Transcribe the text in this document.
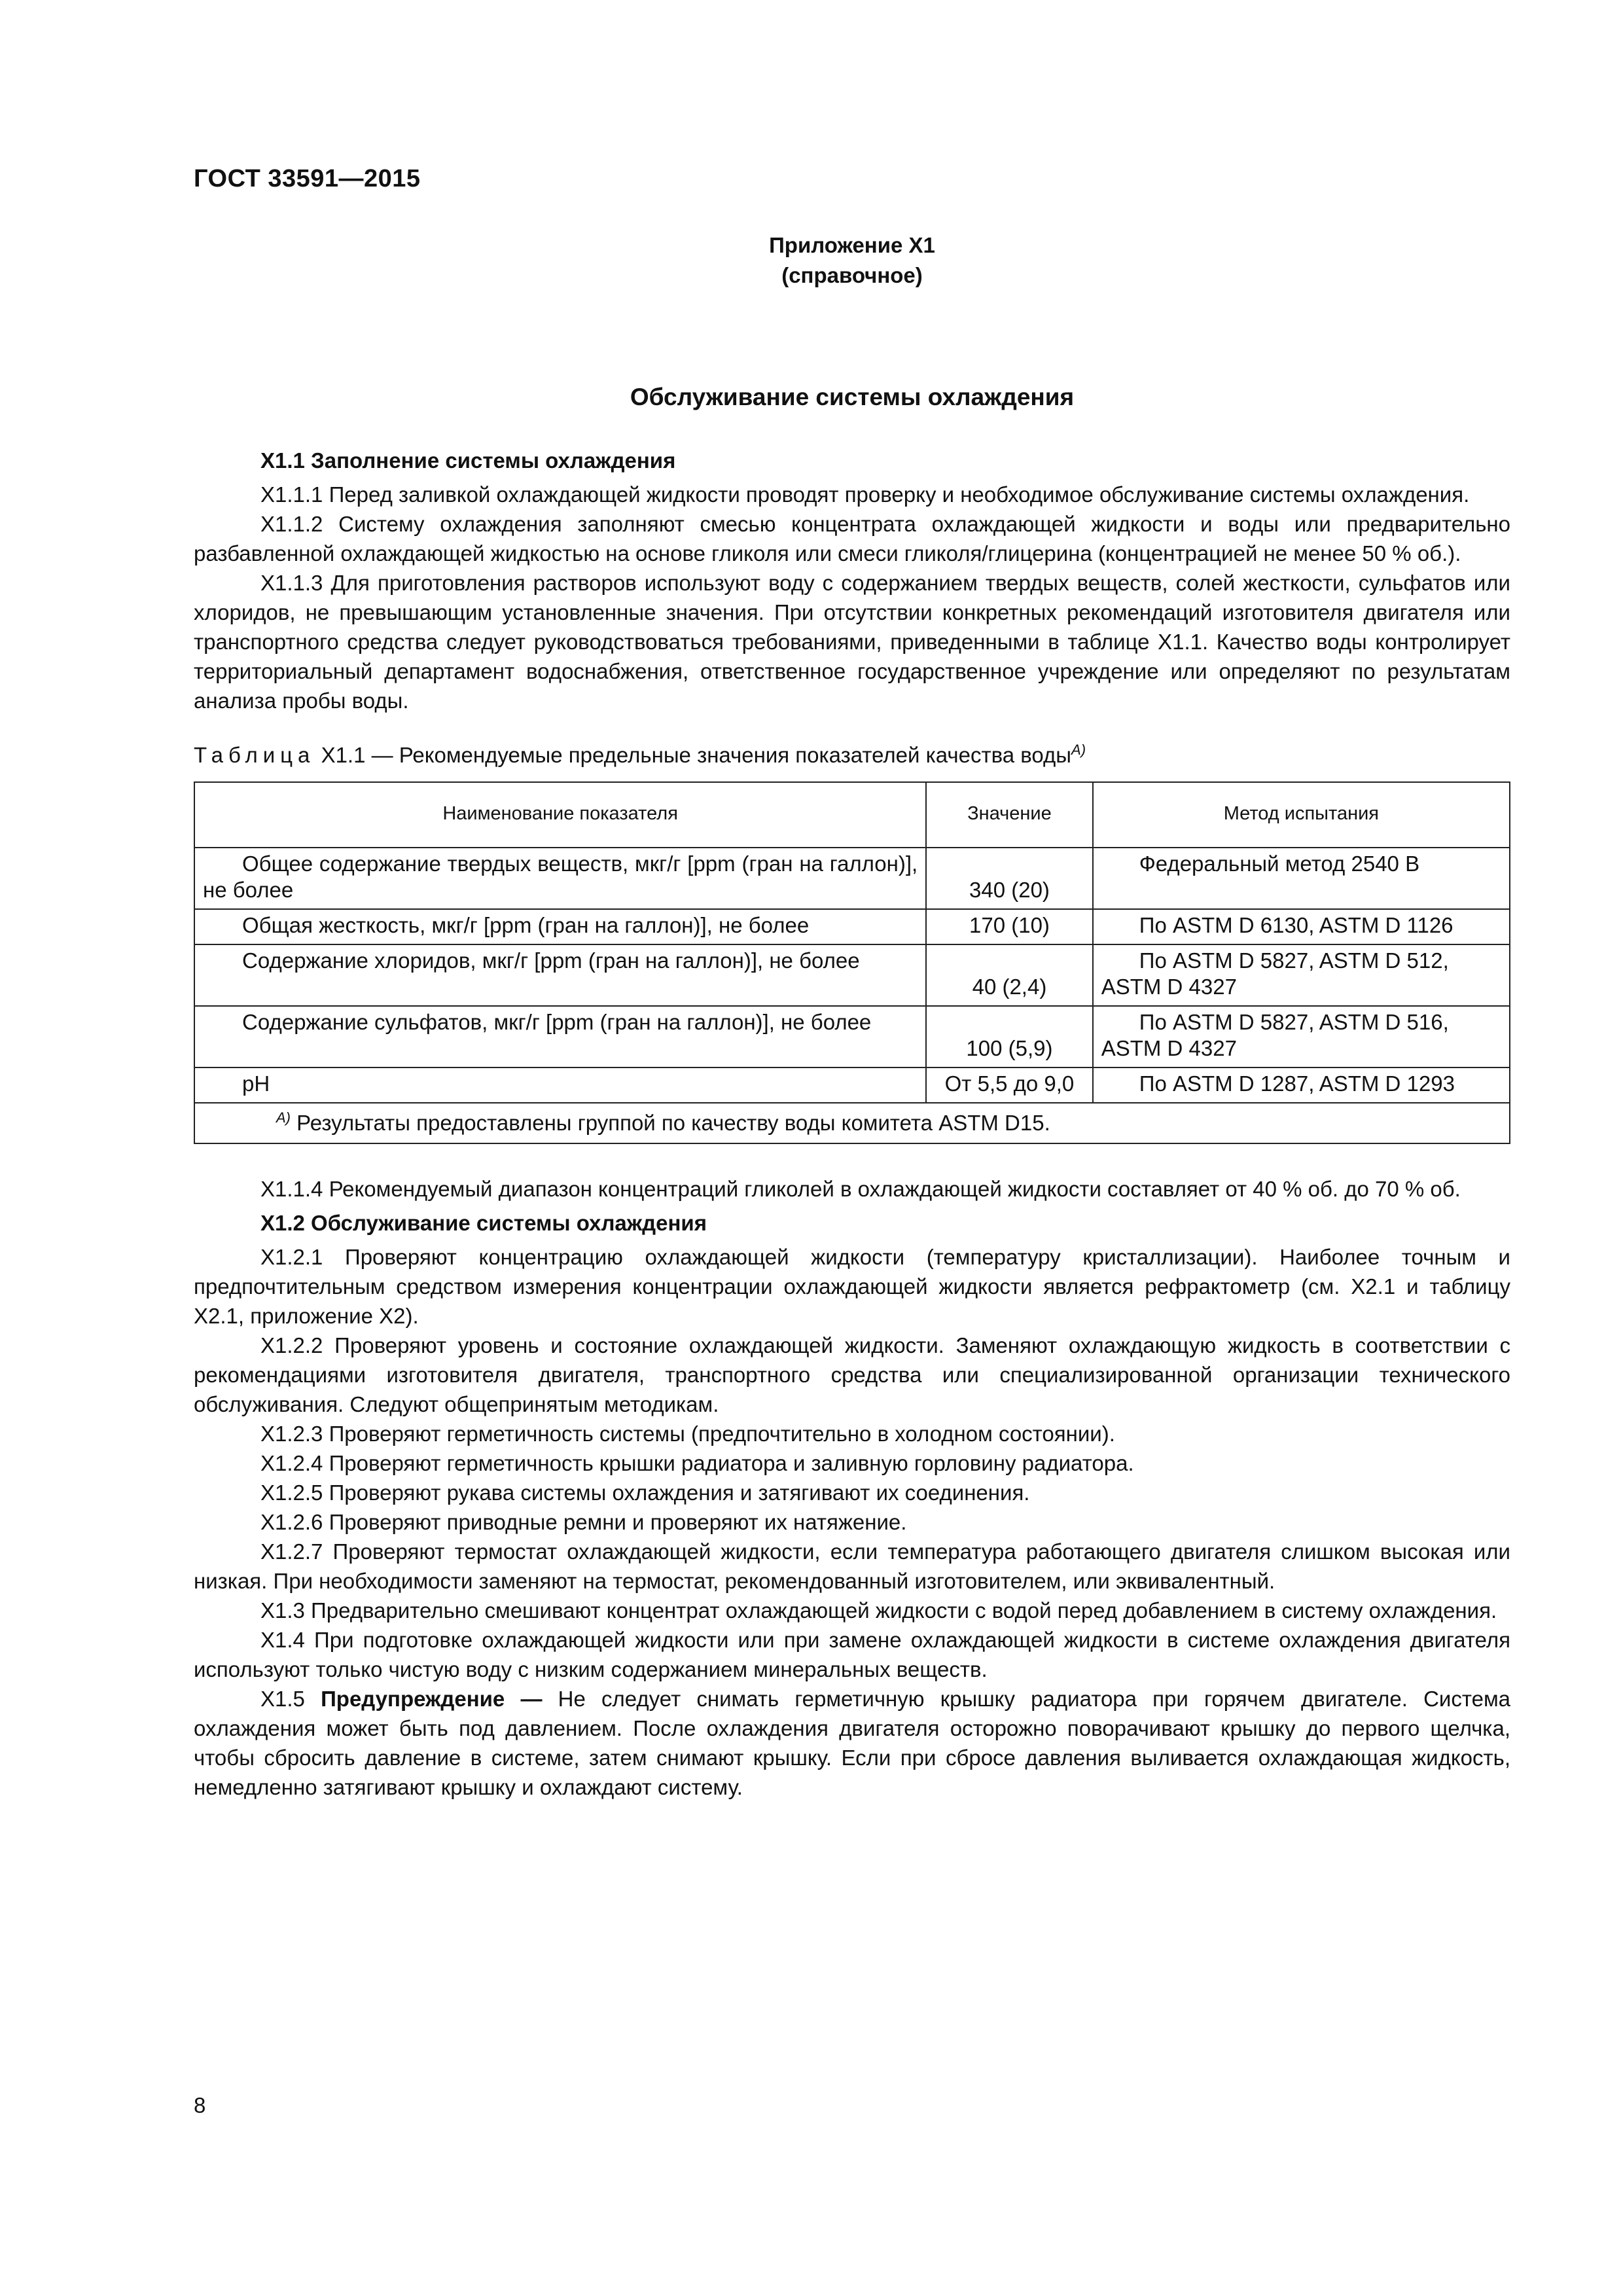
ГОСТ 33591—2015
Приложение Х1
(справочное)
Обслуживание системы охлаждения
Х1.1 Заполнение системы охлаждения

Х1.1.1 Перед заливкой охлаждающей жидкости проводят проверку и необходимое обслуживание системы охлаждения.

Х1.1.2 Систему охлаждения заполняют смесью концентрата охлаждающей жидкости и воды или предварительно разбавленной охлаждающей жидкостью на основе гликоля или смеси гликоля/глицерина (концентрацией не менее 50 % об.).

Х1.1.3 Для приготовления растворов используют воду с содержанием твердых веществ, солей жесткости, сульфатов или хлоридов, не превышающим установленные значения. При отсутствии конкретных рекомендаций изготовителя двигателя или транспортного средства следует руководствоваться требованиями, приведенными в таблице Х1.1. Качество воды контролирует территориальный департамент водоснабжения, ответственное государственное учреждение или определяют по результатам анализа пробы воды.

Таблица Х1.1 — Рекомендуемые предельные значения показателей качества воды$^{A)}$

Наименование показателя	Значение	Метод испытания
Общее содержание твердых веществ, мкг/г [ppm (гран на галлон)], не более	340 (20)	Федеральный метод 2540 В
Общая жесткость, мкг/г [ppm (гран на галлон)], не более	170 (10)	По ASTM D 6130, ASTM D 1126
Содержание хлоридов, мкг/г [ppm (гран на галлон)], не более	40 (2,4)	По ASTM D 5827, ASTM D 512, ASTM D 4327
Содержание сульфатов, мкг/г [ppm (гран на галлон)], не более	100 (5,9)	По ASTM D 5827, ASTM D 516, ASTM D 4327
pH	От 5,5 до 9,0	По ASTM D 1287, ASTM D 1293
$^{A)}$ Результаты предоставлены группой по качеству воды комитета ASTM D15.		

Х1.1.4 Рекомендуемый диапазон концентраций гликолей в охлаждающей жидкости составляет от 40 % об. до 70 % об.

Х1.2 Обслуживание системы охлаждения

Х1.2.1 Проверяют концентрацию охлаждающей жидкости (температуру кристаллизации). Наиболее точным и предпочтительным средством измерения концентрации охлаждающей жидкости является рефрактометр (см. Х2.1 и таблицу Х2.1, приложение Х2).

Х1.2.2 Проверяют уровень и состояние охлаждающей жидкости. Заменяют охлаждающую жидкость в соответствии с рекомендациями изготовителя двигателя, транспортного средства или специализированной организации технического обслуживания. Следуют общепринятым методикам.

Х1.2.3 Проверяют герметичность системы (предпочтительно в холодном состоянии).

Х1.2.4 Проверяют герметичность крышки радиатора и заливную горловину радиатора.

Х1.2.5 Проверяют рукава системы охлаждения и затягивают их соединения.

Х1.2.6 Проверяют приводные ремни и проверяют их натяжение.

Х1.2.7 Проверяют термостат охлаждающей жидкости, если температура работающего двигателя слишком высокая или низкая. При необходимости заменяют на термостат, рекомендованный изготовителем, или эквивалентный.

Х1.3 Предварительно смешивают концентрат охлаждающей жидкости с водой перед добавлением в систему охлаждения.

Х1.4 При подготовке охлаждающей жидкости или при замене охлаждающей жидкости в системе охлаждения двигателя используют только чистую воду с низким содержанием минеральных веществ.

Х1.5 Предупреждение — Не следует снимать герметичную крышку радиатора при горячем двигателе. Система охлаждения может быть под давлением. После охлаждения двигателя осторожно поворачивают крышку до первого щелчка, чтобы сбросить давление в системе, затем снимают крышку. Если при сбросе давления выливается охлаждающая жидкость, немедленно затягивают крышку и охлаждают систему.

8
